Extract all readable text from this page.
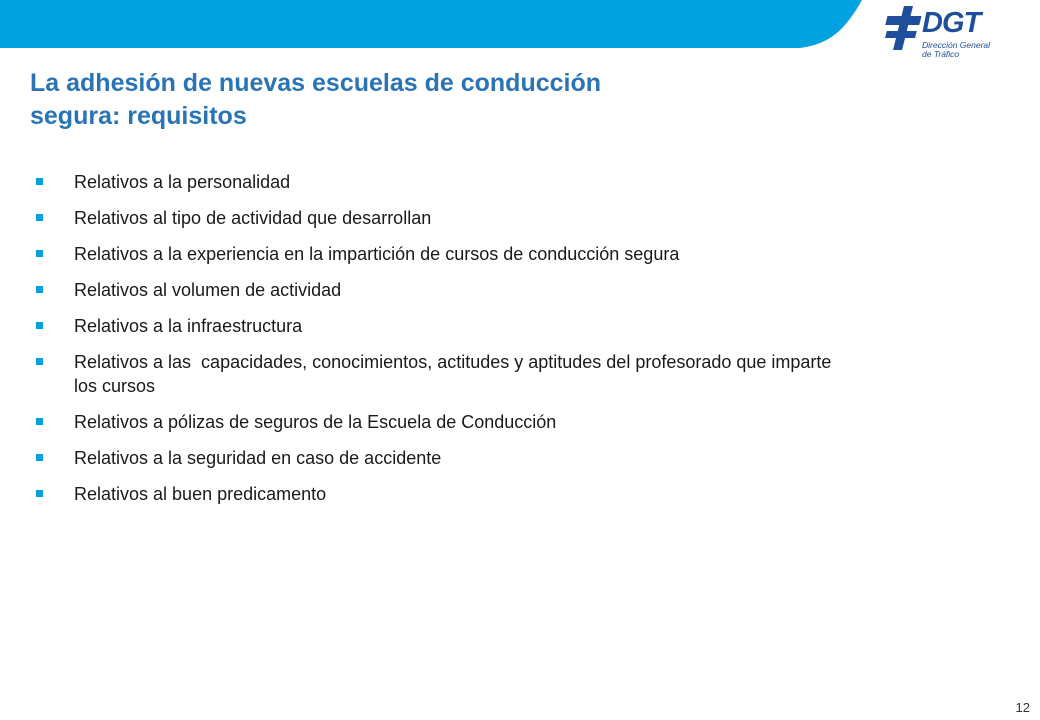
DGT
Dirección General
de Tráfico
La adhesión de nuevas escuelas de conducción
segura: requisitos
Relativos a la personalidad
Relativos al tipo de actividad que desarrollan
Relativos a la experiencia en la impartición de cursos de conducción segura
Relativos al volumen de actividad
Relativos a la infraestructura
Relativos a las  capacidades, conocimientos, actitudes y aptitudes del profesorado que imparte los cursos
Relativos a pólizas de seguros de la Escuela de Conducción
Relativos a la seguridad en caso de accidente
Relativos al buen predicamento
12
